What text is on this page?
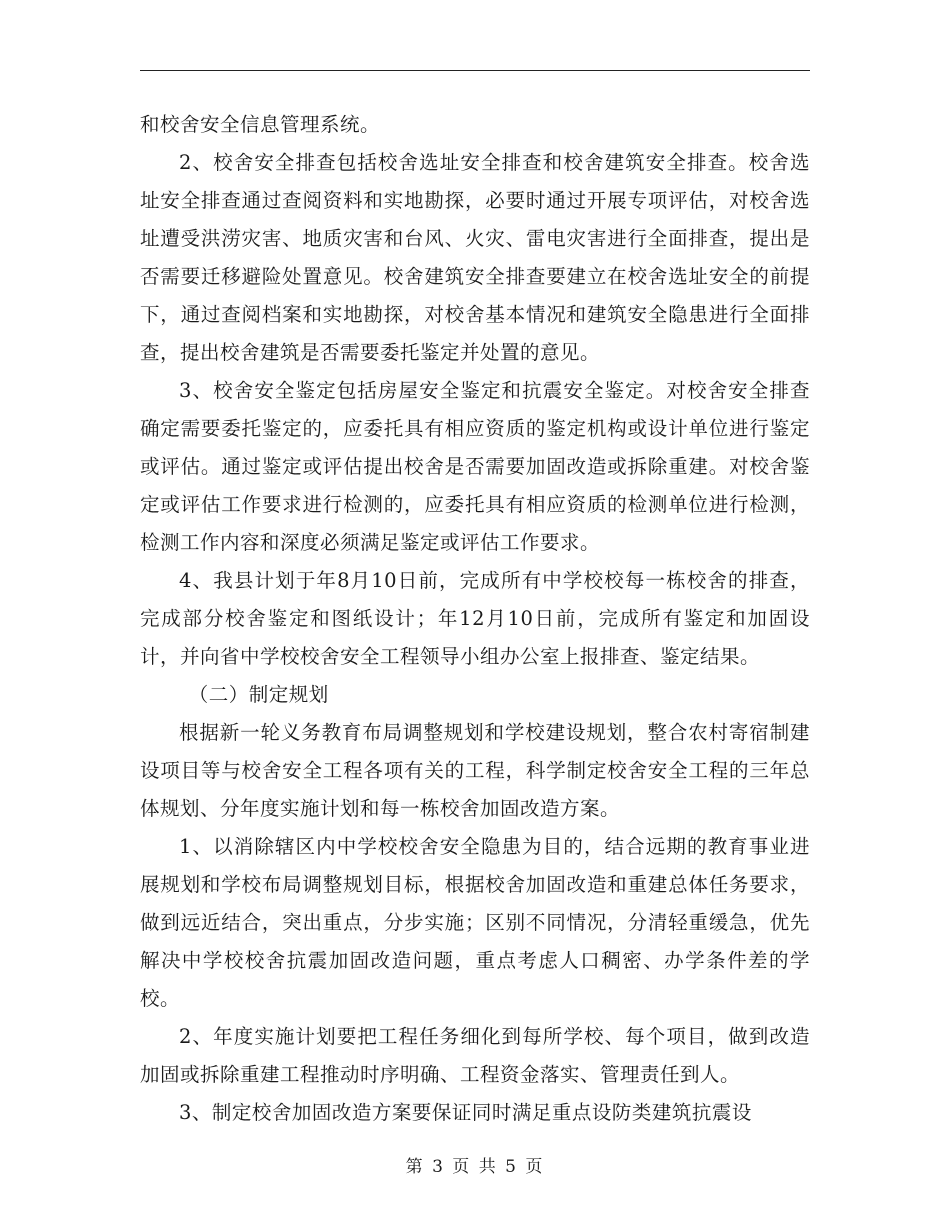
和校舍安全信息管理系统。

2、校舍安全排查包括校舍选址安全排查和校舍建筑安全排查。校舍选址安全排查通过查阅资料和实地勘探，必要时通过开展专项评估，对校舍选址遭受洪涝灾害、地质灾害和台风、火灾、雷电灾害进行全面排查，提出是否需要迁移避险处置意见。校舍建筑安全排查要建立在校舍选址安全的前提下，通过查阅档案和实地勘探，对校舍基本情况和建筑安全隐患进行全面排查，提出校舍建筑是否需要委托鉴定并处置的意见。

3、校舍安全鉴定包括房屋安全鉴定和抗震安全鉴定。对校舍安全排查确定需要委托鉴定的，应委托具有相应资质的鉴定机构或设计单位进行鉴定或评估。通过鉴定或评估提出校舍是否需要加固改造或拆除重建。对校舍鉴定或评估工作要求进行检测的，应委托具有相应资质的检测单位进行检测，检测工作内容和深度必须满足鉴定或评估工作要求。

4、我县计划于年8月10日前，完成所有中学校校每一栋校舍的排查，完成部分校舍鉴定和图纸设计；年12月10日前，完成所有鉴定和加固设计，并向省中学校校舍安全工程领导小组办公室上报排查、鉴定结果。

（二）制定规划

根据新一轮义务教育布局调整规划和学校建设规划，整合农村寄宿制建设项目等与校舍安全工程各项有关的工程，科学制定校舍安全工程的三年总体规划、分年度实施计划和每一栋校舍加固改造方案。

1、以消除辖区内中学校校舍安全隐患为目的，结合远期的教育事业进展规划和学校布局调整规划目标，根据校舍加固改造和重建总体任务要求，做到远近结合，突出重点，分步实施；区别不同情况，分清轻重缓急，优先解决中学校校舍抗震加固改造问题，重点考虑人口稠密、办学条件差的学校。

2、年度实施计划要把工程任务细化到每所学校、每个项目，做到改造加固或拆除重建工程推动时序明确、工程资金落实、管理责任到人。

3、制定校舍加固改造方案要保证同时满足重点设防类建筑抗震设

第 3 页 共 5 页
